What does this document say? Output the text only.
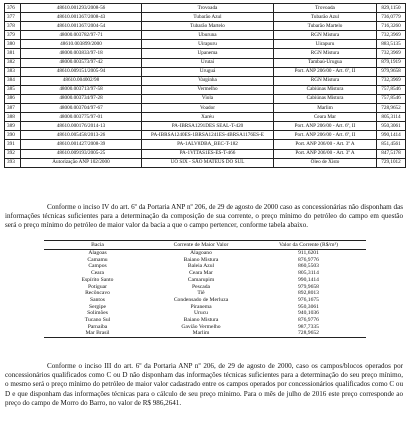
376	48610.001293/2008-56	Trovoada	Trovoada	829,1150
377	48610.001367/2008-43	Tubarão Azul	Tubarão Azul	736,0779
378	48610.001367/2004-54	Tubarão Martelo	Tubarão Martelo	716,3260
379	48000.003782/97-71	Uburuna	RGN Mistura	732,3969
380	48610.003899/2000	Uirapuru	Uirapuru	883,5135
381	48000.003833/97-18	Upanema	RGN Mistura	732,3969
382	48000.003573/97-42	Urutaí	Tambaú-Urugua	879,1919
383	48610.009151/2005-94	Uruguá	Port. ANP 206/00 - Art. 6º, II	979,9658
384	48610.004002/98	Varginha	RGN Mistura	732,3969
385	48000.003713/97-58	Vermelho	Cabiúnas Mistura	757,8546
386	48000.003734/97-28	Viola	Cabiúnas Mistura	757,8546
387	48000.003704/97-67	Voador	Marlim	728,9652
388	48000.003775/97-01	Xaréu	Ceara Mar	805,3114
389	48610.000176/2014-13	PA-IBRSA1291DES SEAL-T-420	Port. ANP 206/00 - Art. 6º, II	950,3061
390	48610.005458/2013-26	PA-IBRSA1240ES-1BRSA1241ES-4BRSA1176ES-E	Port. ANP 206/00 - Art. 6º, II	990,1414
391	48610.001427/2008-39	PA-1ALV8DBA_BEC-T-182	Port. ANP 206/00 - Art. 3º A	851,4561
392	48610.009193/2005-25	PA-1VITAS1ES-ES-T-466	Port. ANP 206/00 - Art. 3º A	847,5178
393	Autorização ANP 102/2000	UO SIX - SÃO MATEUS DO SUL	Óleo de Xisto	729,1012

Conforme o inciso IV do art. 6º da Portaria ANP nº 206, de 29 de agosto de 2000 caso as concessionárias não disponham das informações técnicas suficientes para a determinação da composição de sua corrente, o preço mínimo do petróleo do campo em questão será o preço mínimo do petróleo de maior valor da bacia a que o campo pertencer, conforme tabela abaixo.

Bacia	Corrente de Maior Valor	Valor da Corrente (R$/m³)
Alagoas	Alagoano	911,6201
Camamu	Baiano Mistura	876,9776
Campos	Baleia Azul	860,5503
Ceara	Ceara Mar	805,3114
Espírito Santo	Camarupim	990,1414
Potiguar	Pescada	979,9658
Recôncavo	Tiê	892,8013
Santos	Condensado de Merluza	976,1675
Sergipe	Piranema	950,3061
Solimões	Urucu	940,1036
Tucano Sul	Baiano Mistura	876,9776
Parnaíba	Gavião Vermelho	987,7335
Mar Brasil	Marlim	728,9652

Conforme o inciso III do art. 6º da Portaria ANP nº 206, de 29 de agosto de 2000, caso os campos/blocos operados por concessionários qualificados como C ou D não disponham das informações técnicas suficientes para a determinação do seu preço mínimo, o mesmo será o preço mínimo do petróleo de maior valor cadastrado entre os campos operados por concessionários qualificados como C ou D e que disponham das informações técnicas para o cálculo de seu preço mínimo. Para o mês de julho de 2016 este preço corresponde ao preço do campo de Morro do Barro, no valor de R$ 986,2641.
